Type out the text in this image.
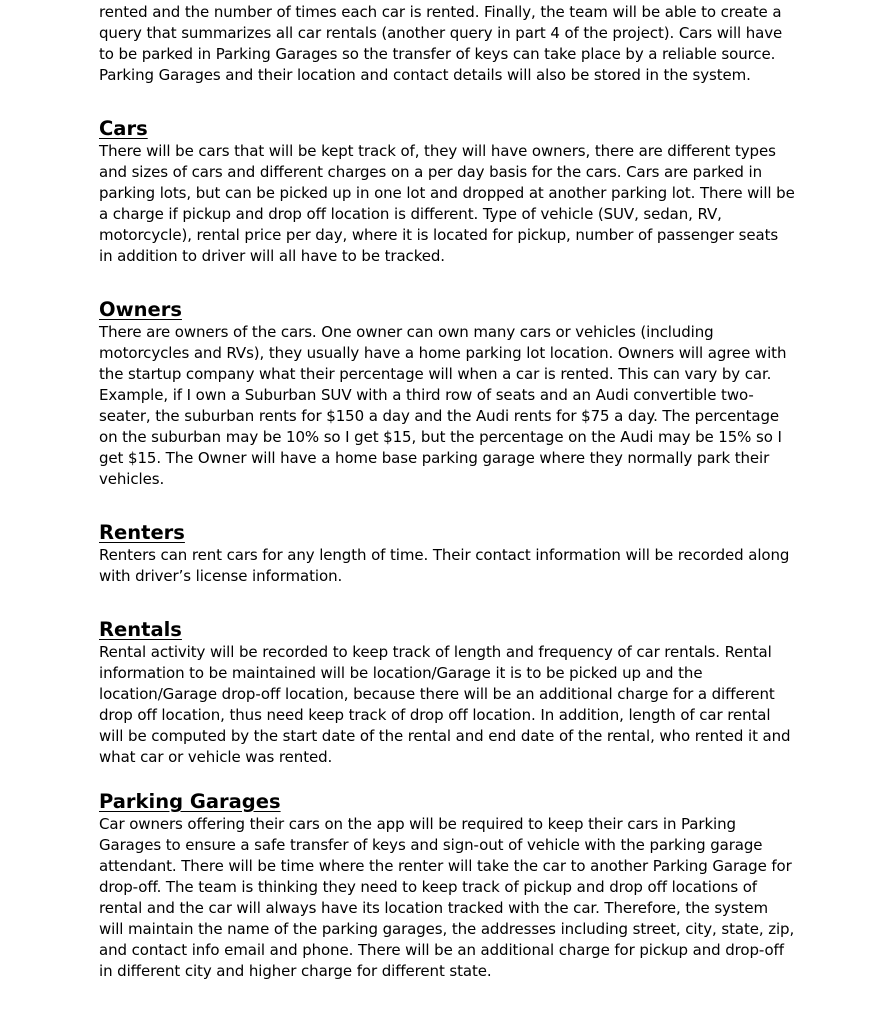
rented and the number of times each car is rented. Finally, the team will be able to create a query that summarizes all car rentals (another query in part 4 of the project). Cars will have to be parked in Parking Garages so the transfer of keys can take place by a reliable source. Parking Garages and their location and contact details will also be stored in the system.

Cars

There will be cars that will be kept track of, they will have owners, there are different types and sizes of cars and different charges on a per day basis for the cars. Cars are parked in parking lots, but can be picked up in one lot and dropped at another parking lot. There will be a charge if pickup and drop off location is different. Type of vehicle (SUV, sedan, RV, motorcycle), rental price per day, where it is located for pickup, number of passenger seats in addition to driver will all have to be tracked.

Owners

There are owners of the cars. One owner can own many cars or vehicles (including motorcycles and RVs), they usually have a home parking lot location. Owners will agree with the startup company what their percentage will when a car is rented. This can vary by car. Example, if I own a Suburban SUV with a third row of seats and an Audi convertible two-seater, the suburban rents for $150 a day and the Audi rents for $75 a day. The percentage on the suburban may be 10% so I get $15, but the percentage on the Audi may be 15% so I get $15. The Owner will have a home base parking garage where they normally park their vehicles.

Renters

Renters can rent cars for any length of time. Their contact information will be recorded along with driver’s license information.

Rentals

Rental activity will be recorded to keep track of length and frequency of car rentals. Rental information to be maintained will be location/Garage it is to be picked up and the location/Garage drop-off location, because there will be an additional charge for a different drop off location, thus need keep track of drop off location. In addition, length of car rental will be computed by the start date of the rental and end date of the rental, who rented it and what car or vehicle was rented.

Parking Garages

Car owners offering their cars on the app will be required to keep their cars in Parking Garages to ensure a safe transfer of keys and sign-out of vehicle with the parking garage attendant. There will be time where the renter will take the car to another Parking Garage for drop-off. The team is thinking they need to keep track of pickup and drop off locations of rental and the car will always have its location tracked with the car. Therefore, the system will maintain the name of the parking garages, the addresses including street, city, state, zip, and contact info email and phone. There will be an additional charge for pickup and drop-off in different city and higher charge for different state.
